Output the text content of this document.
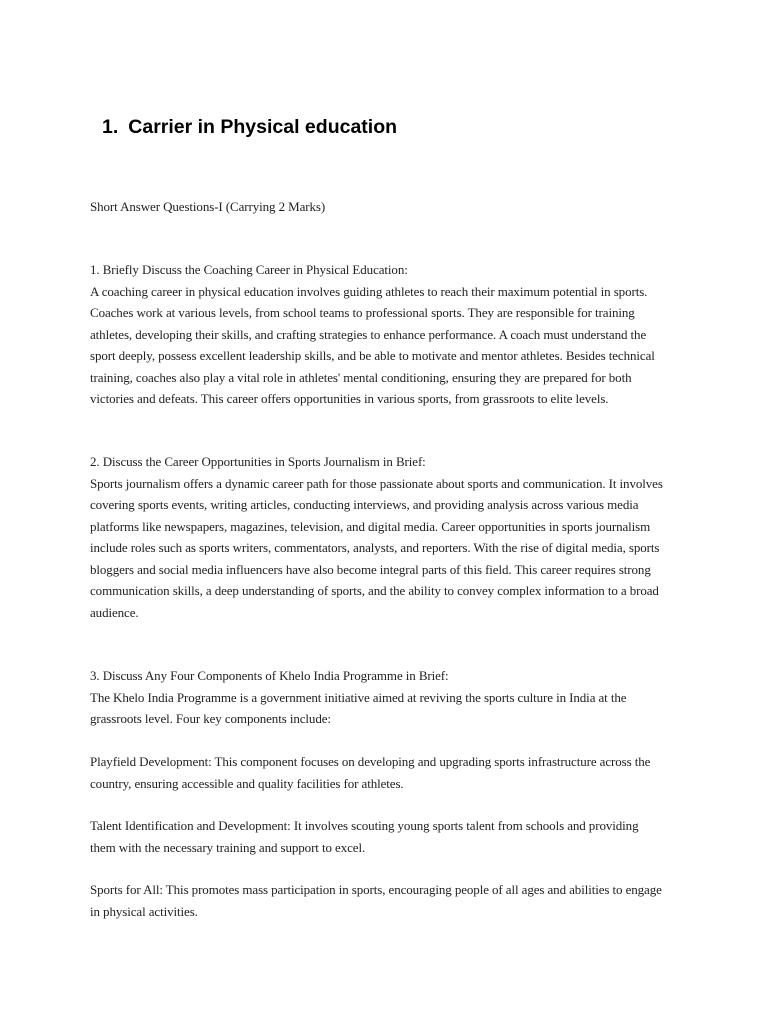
1. Carrier in Physical education

Short Answer Questions-I (Carrying 2 Marks)

1. Briefly Discuss the Coaching Career in Physical Education:
A coaching career in physical education involves guiding athletes to reach their maximum potential in sports.
Coaches work at various levels, from school teams to professional sports. They are responsible for training
athletes, developing their skills, and crafting strategies to enhance performance. A coach must understand the
sport deeply, possess excellent leadership skills, and be able to motivate and mentor athletes. Besides technical
training, coaches also play a vital role in athletes' mental conditioning, ensuring they are prepared for both
victories and defeats. This career offers opportunities in various sports, from grassroots to elite levels.
2. Discuss the Career Opportunities in Sports Journalism in Brief:
Sports journalism offers a dynamic career path for those passionate about sports and communication. It involves
covering sports events, writing articles, conducting interviews, and providing analysis across various media
platforms like newspapers, magazines, television, and digital media. Career opportunities in sports journalism
include roles such as sports writers, commentators, analysts, and reporters. With the rise of digital media, sports
bloggers and social media influencers have also become integral parts of this field. This career requires strong
communication skills, a deep understanding of sports, and the ability to convey complex information to a broad
audience.
3. Discuss Any Four Components of Khelo India Programme in Brief:
The Khelo India Programme is a government initiative aimed at reviving the sports culture in India at the
grassroots level. Four key components include:
Playfield Development: This component focuses on developing and upgrading sports infrastructure across the
country, ensuring accessible and quality facilities for athletes.
Talent Identification and Development: It involves scouting young sports talent from schools and providing
them with the necessary training and support to excel.
Sports for All: This promotes mass participation in sports, encouraging people of all ages and abilities to engage
in physical activities.
